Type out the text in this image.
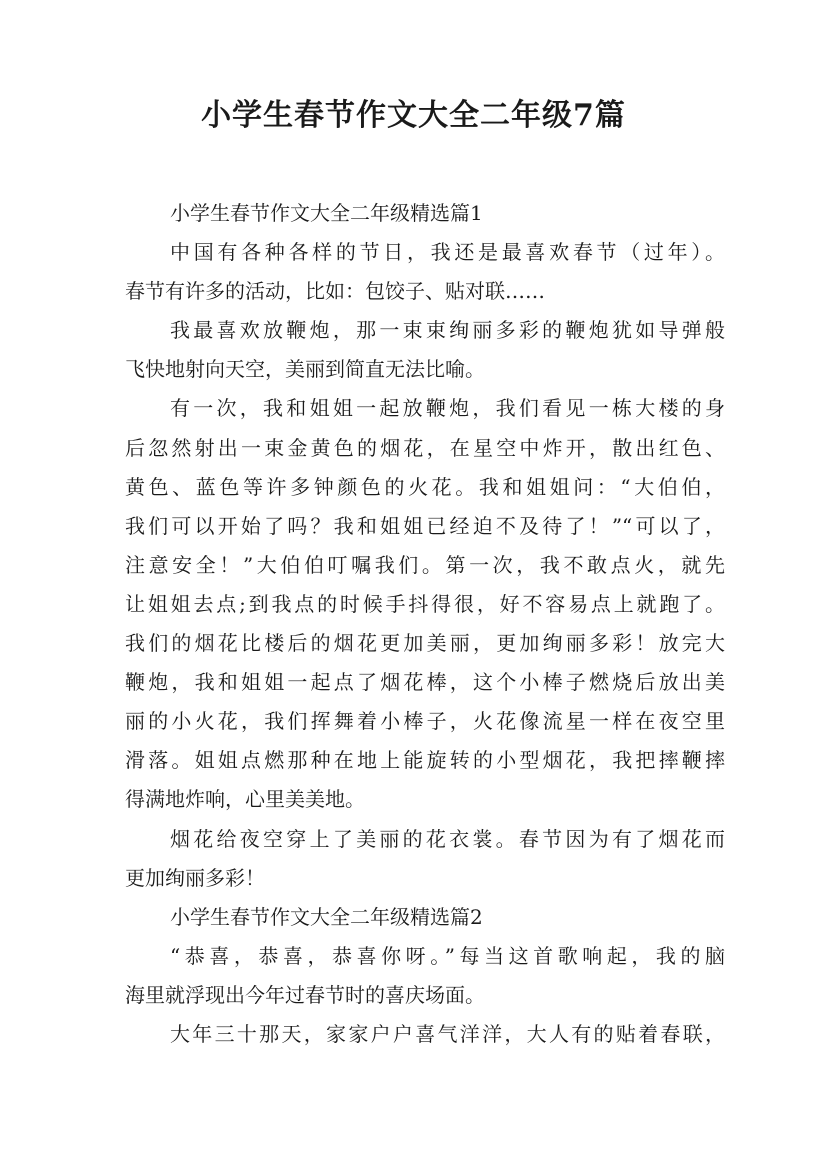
小学生春节作文大全二年级7篇

小学生春节作文大全二年级精选篇1

中国有各种各样的节日，我还是最喜欢春节（过年）。

春节有许多的活动，比如：包饺子、贴对联……

我最喜欢放鞭炮，那一束束绚丽多彩的鞭炮犹如导弹般

飞快地射向天空，美丽到简直无法比喻。

有一次，我和姐姐一起放鞭炮，我们看见一栋大楼的身

后忽然射出一束金黄色的烟花，在星空中炸开，散出红色、

黄色、蓝色等许多钟颜色的火花。我和姐姐问：“大伯伯，

我们可以开始了吗？我和姐姐已经迫不及待了！”“可以了，

注意安全！”大伯伯叮嘱我们。第一次，我不敢点火，就先

让姐姐去点;到我点的时候手抖得很，好不容易点上就跑了。

我们的烟花比楼后的烟花更加美丽，更加绚丽多彩！放完大

鞭炮，我和姐姐一起点了烟花棒，这个小棒子燃烧后放出美

丽的小火花，我们挥舞着小棒子，火花像流星一样在夜空里

滑落。姐姐点燃那种在地上能旋转的小型烟花，我把摔鞭摔

得满地炸响，心里美美地。

烟花给夜空穿上了美丽的花衣裳。春节因为有了烟花而

更加绚丽多彩！

小学生春节作文大全二年级精选篇2

“恭喜，恭喜，恭喜你呀。”每当这首歌响起，我的脑

海里就浮现出今年过春节时的喜庆场面。

大年三十那天，家家户户喜气洋洋，大人有的贴着春联，
